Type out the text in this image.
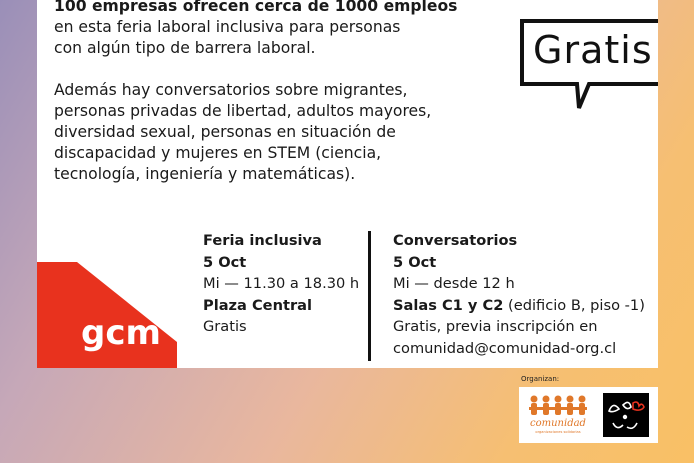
100 empresas ofrecen cerca de 1000 empleos

en esta feria laboral inclusiva para personas

con algún tipo de barrera laboral.

Además hay conversatorios sobre migrantes,

personas privadas de libertad, adultos mayores,

diversidad sexual, personas en situación de

discapacidad y mujeres en STEM (ciencia,

tecnología, ingeniería y matemáticas).

Gratis
gcm
Feria inclusiva
5 Oct
Mi — 11.30 a 18.30 h
Plaza Central
Gratis
Conversatorios
5 Oct
Mi — desde 12 h
Salas C1 y C2 (edificio B, piso -1)
Gratis, previa inscripción en
comunidad@comunidad-org.cl
Organizan:
comunidad
organizaciones solidarias
